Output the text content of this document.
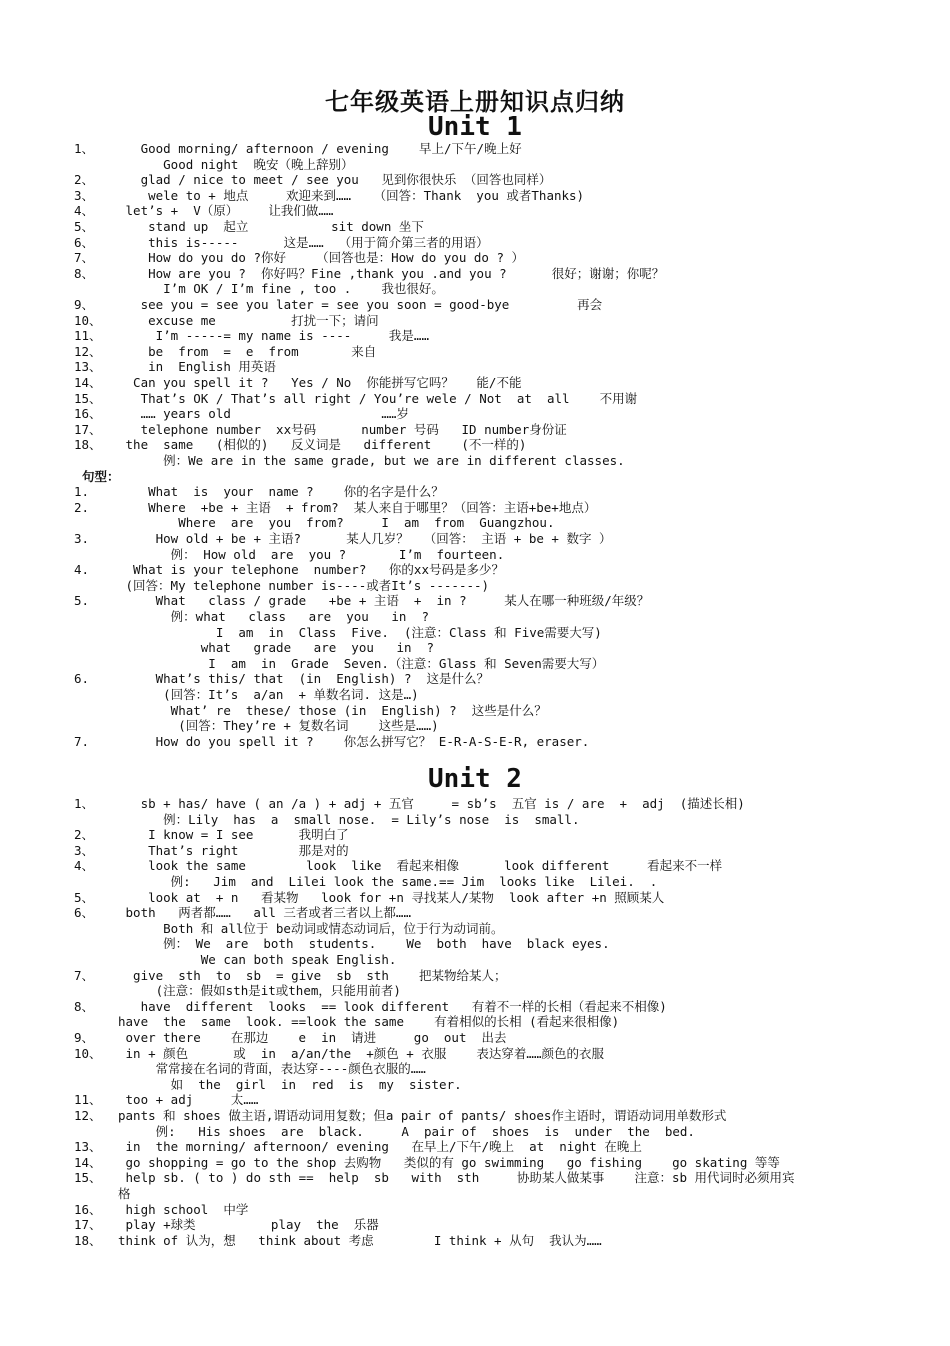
七年级英语上册知识点归纳
Unit 1
1、   Good morning/ afternoon / evening    早上/下午/晚上好
Good night  晚安（晚上辞别）
2、   glad / nice to meet / see you   见到你很快乐 （回答也同样）
3、    wele to + 地点     欢迎来到……   （回答：Thank  you 或者Thanks)
4、 let’s +  V（原）    让我们做……
5、    stand up  起立           sit down 坐下
6、    this is-----      这是……  （用于简介第三者的用语）
7、    How do you do ?你好    （回答也是：How do you do ? ）
8、    How are you ?  你好吗？Fine ,thank you .and you ?      很好；谢谢；你呢？
I’m OK / I’m fine , too .    我也很好。
9、   see you = see you later = see you soon = good-bye         再会
10、    excuse me          打扰一下；请问
11、     I’m -----= my name is ----     我是……
12、    be  from  =  e  from       来自
13、    in  English 用英语
14、  Can you spell it ?   Yes / No  你能拼写它吗？   能/不能
15、   That’s OK / That’s all right / You’re wele / Not  at  all    不用谢
16、   …… years old                    ……岁
17、   telephone number  xx号码      number 号码   ID number身份证
18、 the  same   (相似的)   反义词是   different    (不一样的)
例：We are in the same grade, but we are in different classes.
句型：
1.    What  is  your  name ?    你的名字是什么？
2.    Where  +be + 主语  + from?  某人来自于哪里？（回答：主语+be+地点）
Where  are  you  from?     I  am  from  Guangzhou.
3.     How old + be + 主语?      某人几岁？  （回答： 主语 + be + 数字 ）
例： How old  are  you ?       I’m  fourteen.
4.  What is your telephone  number?   你的xx号码是多少？
(回答：My telephone number is----或者It’s -------)
5.     What   class / grade   +be + 主语  +  in ?     某人在哪一种班级/年级？
例：what   class   are  you   in  ?
I  am  in  Class  Five.  (注意：Class 和 Five需要大写)
what   grade   are  you   in  ?
I  am  in  Grade  Seven.（注意：Glass 和 Seven需要大写）
6.     What’s this/ that  (in  English) ?  这是什么？
(回答：It’s  a/an  + 单数名词. 这是…)
What’ re  these/ those (in  English) ?  这些是什么？
(回答：They’re + 复数名词    这些是……)
7.     How do you spell it ?    你怎么拼写它？ E-R-A-S-E-R, eraser.
Unit 2
1、   sb + has/ have ( an /a ) + adj + 五官     = sb’s  五官 is / are  +  adj  (描述长相)
例：Lily  has  a  small nose.  = Lily’s nose  is  small.
2、    I know = I see      我明白了
3、    That’s right        那是对的
4、    look the same        look  like  看起来相像      look different     看起来不一样
例:   Jim  and  Lilei look the same.== Jim  looks like  Lilei.  .
5、    look at  + n   看某物   look for +n 寻找某人/某物  look after +n 照顾某人
6、 both   两者都……   all 三者或者三者以上都……
Both 和 all位于 be动词或情态动词后，位于行为动词前。
例： We  are  both  students.    We  both  have  black eyes.
We can both speak English.
7、  give  sth  to  sb  = give  sb  sth    把某物给某人；
(注意：假如sth是it或them，只能用前者)
8、   have  different  looks  == look different   有着不一样的长相（看起来不相像)
have  the  same  look. ==look the same    有着相似的长相 (看起来很相像)
9、 over there    在那边    e  in  请进     go  out  出去
10、 in + 颜色      或  in  a/an/the  +颜色 + 衣服    表达穿着……颜色的衣服
常常接在名词的背面，表达穿----颜色衣服的……
如  the  girl  in  red  is  my  sister.
11、 too + adj     太……
12、 pants 和 shoes 做主语,谓语动词用复数；但a pair of pants/ shoes作主语时，谓语动词用单数形式
例:   His shoes  are  black.     A  pair of  shoes  is  under  the  bed.
13、 in  the morning/ afternoon/ evening   在早上/下午/晚上  at  night 在晚上
14、 go shopping = go to the shop 去购物   类似的有 go swimming   go fishing    go skating 等等
15、 help sb. ( to ) do sth ==  help  sb   with  sth     协助某人做某事    注意：sb 用代词时必须用宾
格
16、 high school  中学
17、 play +球类          play  the  乐器
18、 think of 认为，想   think about 考虑        I think + 从句  我认为……
